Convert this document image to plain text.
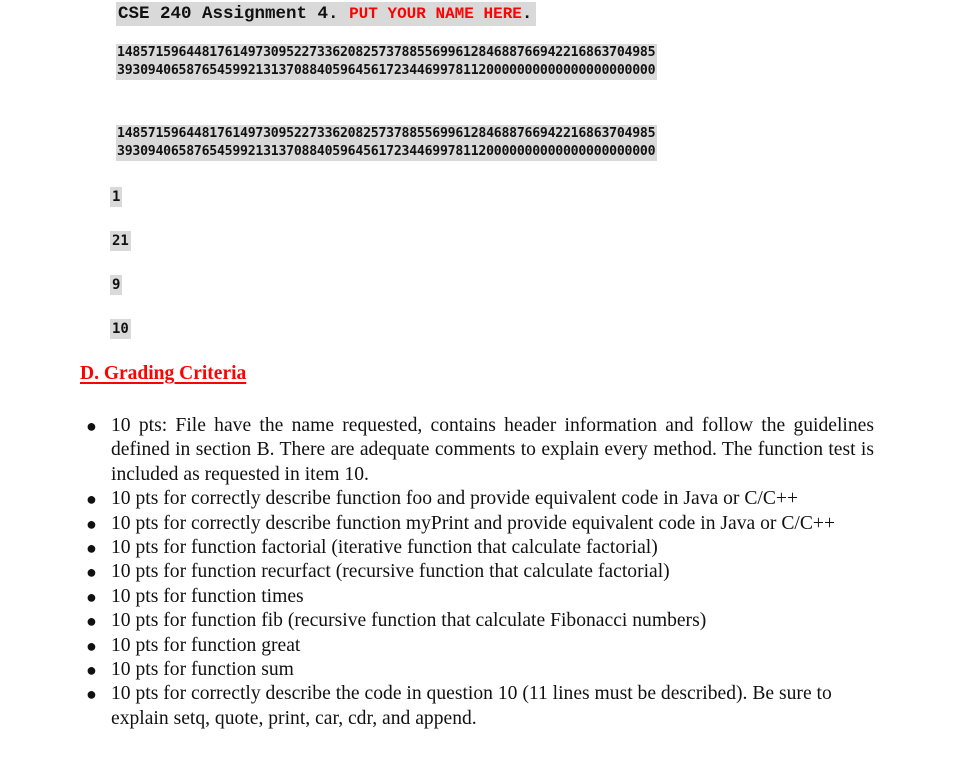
CSE 240 Assignment 4.
PUT YOUR NAME HERE .
14857159644817614973095227336208257378855699612846887669422168637049​85
3930940658765459921313708840596456172344699781120000000000000000000000
1485715964481761497309522733620825737885569961284688766942216863704985
3930940658765459921313708840596456172344699781120000000000000000000000
1
21
9
10
D. Grading Criteria
● 10 pts: File have the name requested, contains header information and follow the guidelines defined in section B. There are adequate comments to explain every method. The function test is included as requested in item 10.
● 10 pts for correctly describe function foo and provide equivalent code in Java or C/C++
● 10 pts for correctly describe function myPrint and provide equivalent code in Java or C/C++
● 10 pts for function factorial (iterative function that calculate factorial)
● 10 pts for function recurfact (recursive function that calculate factorial)
● 10 pts for function times
● 10 pts for function fib (recursive function that calculate Fibonacci numbers)
● 10 pts for function great
● 10 pts for function sum
● 10 pts for correctly describe the code in question 10 (11 lines must be described). Be sure to explain setq, quote, print, car, cdr, and append.
